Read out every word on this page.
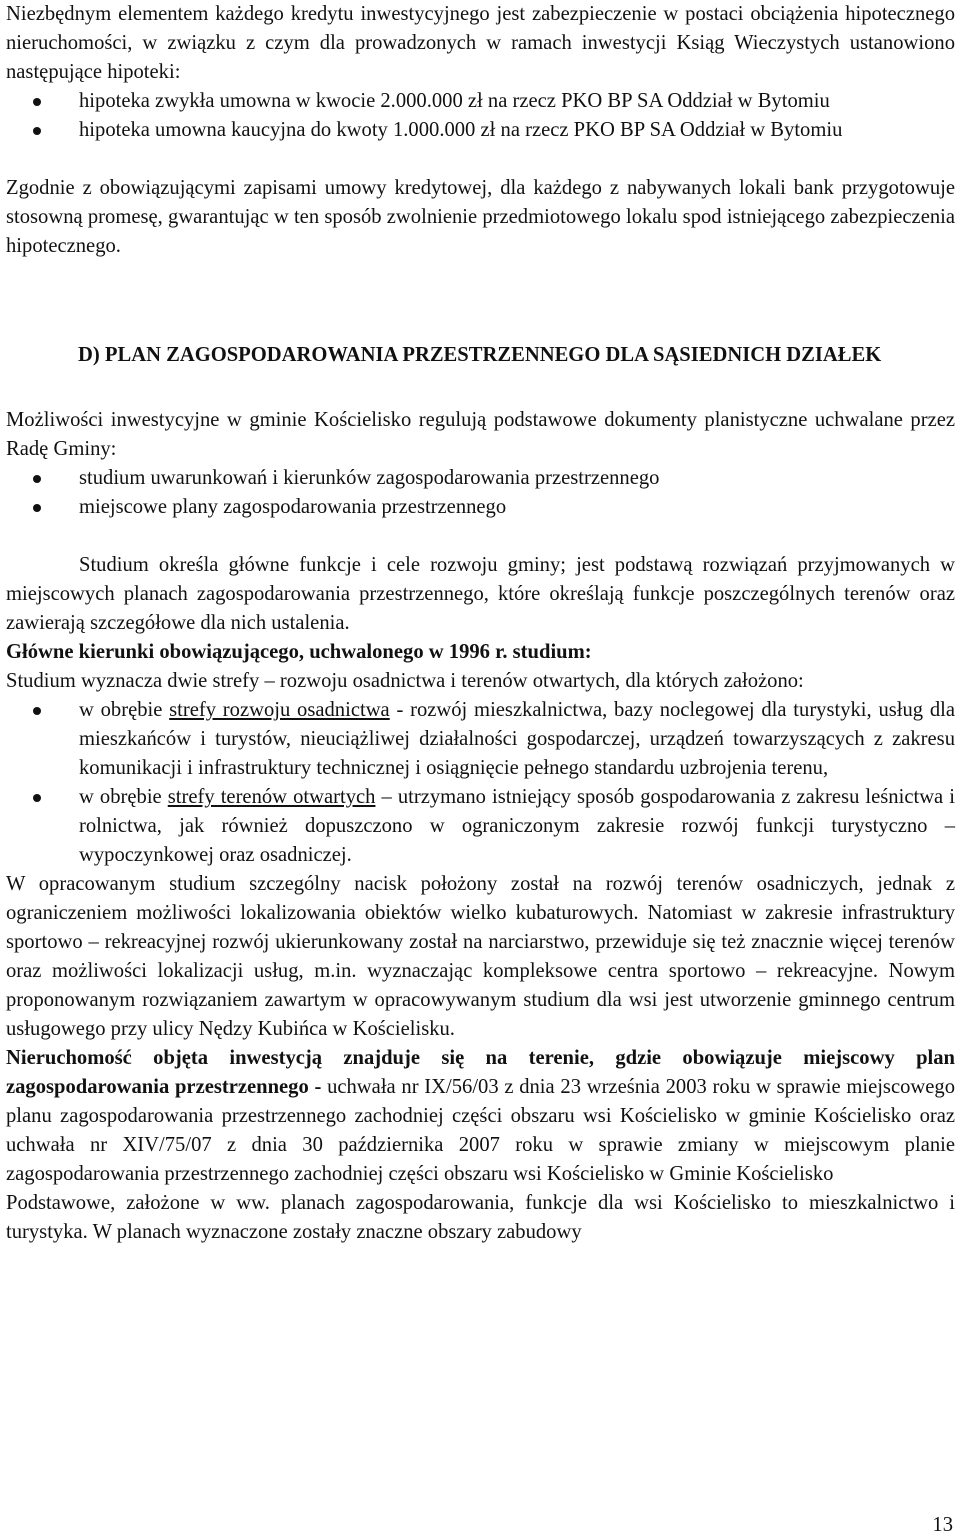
Niezbędnym elementem każdego kredytu inwestycyjnego jest zabezpieczenie w postaci obciążenia hipotecznego nieruchomości, w związku z czym dla prowadzonych w ramach inwestycji Ksiąg Wieczystych ustanowiono następujące hipoteki:

hipoteka zwykła umowna w kwocie 2.000.000 zł na rzecz PKO BP SA Oddział w Bytomiu
hipoteka umowna kaucyjna do kwoty 1.000.000 zł na rzecz PKO BP SA Oddział w Bytomiu

Zgodnie z obowiązującymi zapisami umowy kredytowej, dla każdego z nabywanych lokali bank przygotowuje stosowną promesę, gwarantując w ten sposób zwolnienie przedmiotowego lokalu spod istniejącego zabezpieczenia hipotecznego.

D) PLAN ZAGOSPODAROWANIA PRZESTRZENNEGO DLA SĄSIEDNICH DZIAŁEK

Możliwości inwestycyjne w gminie Kościelisko regulują podstawowe dokumenty planistyczne uchwalane przez Radę Gminy:

studium uwarunkowań i kierunków zagospodarowania przestrzennego
miejscowe plany zagospodarowania przestrzennego

Studium określa główne funkcje i cele rozwoju gminy; jest podstawą rozwiązań przyjmowanych w miejscowych planach zagospodarowania przestrzennego, które określają funkcje poszczególnych terenów oraz zawierają szczegółowe dla nich ustalenia.

Główne kierunki obowiązującego, uchwalonego w 1996 r. studium:

Studium wyznacza dwie strefy – rozwoju osadnictwa i terenów otwartych, dla których założono:

w obrębie strefy rozwoju osadnictwa - rozwój mieszkalnictwa, bazy noclegowej dla turystyki, usług dla mieszkańców i turystów, nieuciążliwej działalności gospodarczej, urządzeń towarzyszących z zakresu komunikacji i infrastruktury technicznej i osiągnięcie pełnego standardu uzbrojenia terenu,
w obrębie strefy terenów otwartych – utrzymano istniejący sposób gospodarowania z zakresu leśnictwa i rolnictwa, jak również dopuszczono w ograniczonym zakresie rozwój funkcji turystyczno – wypoczynkowej oraz osadniczej.

W opracowanym studium szczególny nacisk położony został na rozwój terenów osadniczych, jednak z ograniczeniem możliwości lokalizowania obiektów wielko kubaturowych. Natomiast w zakresie infrastruktury sportowo – rekreacyjnej rozwój ukierunkowany został na narciarstwo, przewiduje się też znacznie więcej terenów oraz możliwości lokalizacji usług, m.in. wyznaczając kompleksowe centra sportowo – rekreacyjne. Nowym proponowanym rozwiązaniem zawartym w opracowywanym studium dla wsi jest utworzenie gminnego centrum usługowego przy ulicy Nędzy Kubińca w Kościelisku.

Nieruchomość objęta inwestycją znajduje się na terenie, gdzie obowiązuje miejscowy plan zagospodarowania przestrzennego - uchwała nr IX/56/03 z dnia 23 września 2003 roku w sprawie miejscowego planu zagospodarowania przestrzennego zachodniej części obszaru wsi Kościelisko w gminie Kościelisko oraz uchwała nr XIV/75/07 z dnia 30 października 2007 roku w sprawie zmiany w miejscowym planie zagospodarowania przestrzennego zachodniej części obszaru wsi Kościelisko w Gminie Kościelisko

Podstawowe, założone w ww. planach zagospodarowania, funkcje dla wsi Kościelisko to mieszkalnictwo i turystyka. W planach wyznaczone zostały znaczne obszary zabudowy

13
